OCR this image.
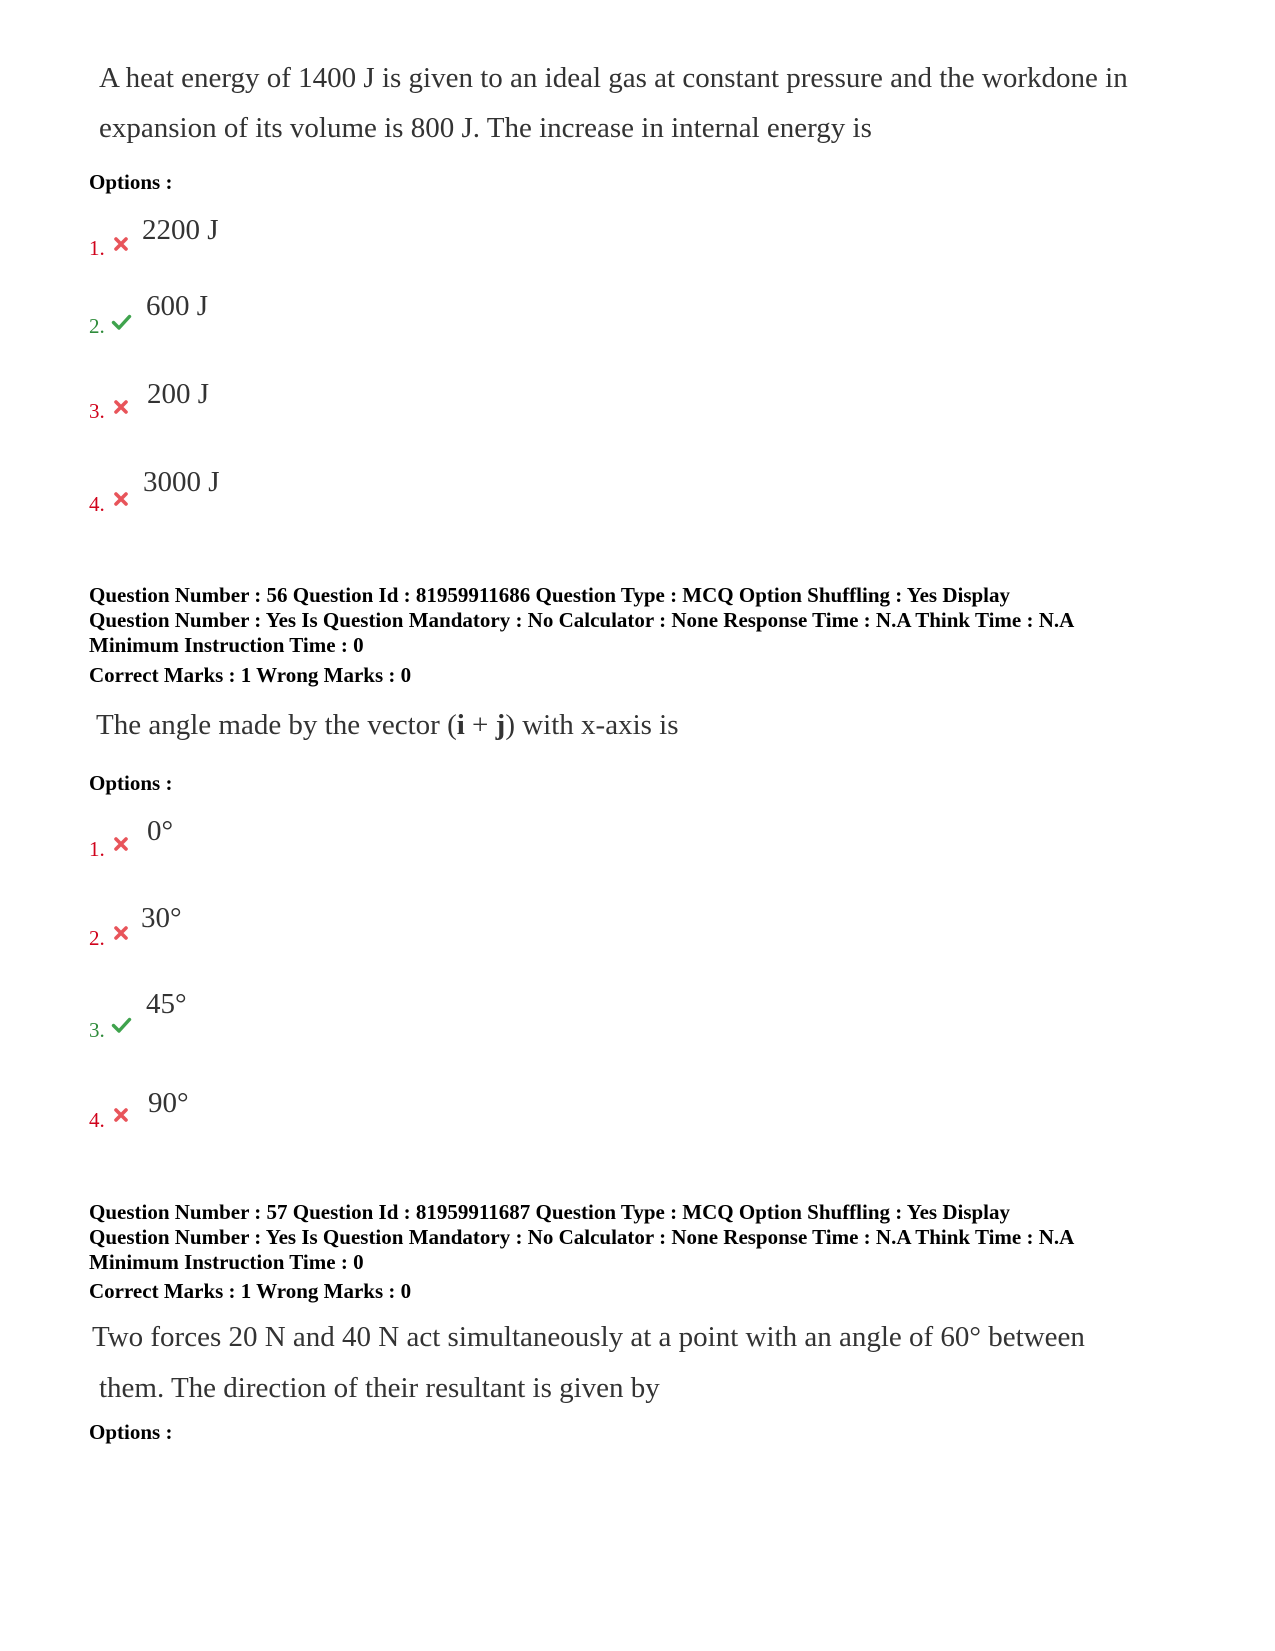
A heat energy of 1400 J is given to an ideal gas at constant pressure and the workdone in
expansion of its volume is 800 J. The increase in internal energy is
Options :
1.
2200 J
2.
600 J
3.
200 J
4.
3000 J
Question Number : 56 Question Id : 81959911686 Question Type : MCQ Option Shuffling : Yes Display
Question Number : Yes Is Question Mandatory : No Calculator : None Response Time : N.A Think Time : N.A
Minimum Instruction Time : 0
Correct Marks : 1 Wrong Marks : 0
The angle made by the vector (i + j) with x-axis is
Options :
1.
0°
2.
30°
3.
45°
4.
90°
Question Number : 57 Question Id : 81959911687 Question Type : MCQ Option Shuffling : Yes Display
Question Number : Yes Is Question Mandatory : No Calculator : None Response Time : N.A Think Time : N.A
Minimum Instruction Time : 0
Correct Marks : 1 Wrong Marks : 0
Two forces 20 N and 40 N act simultaneously at a point with an angle of 60° between
them. The direction of their resultant is given by
Options :
